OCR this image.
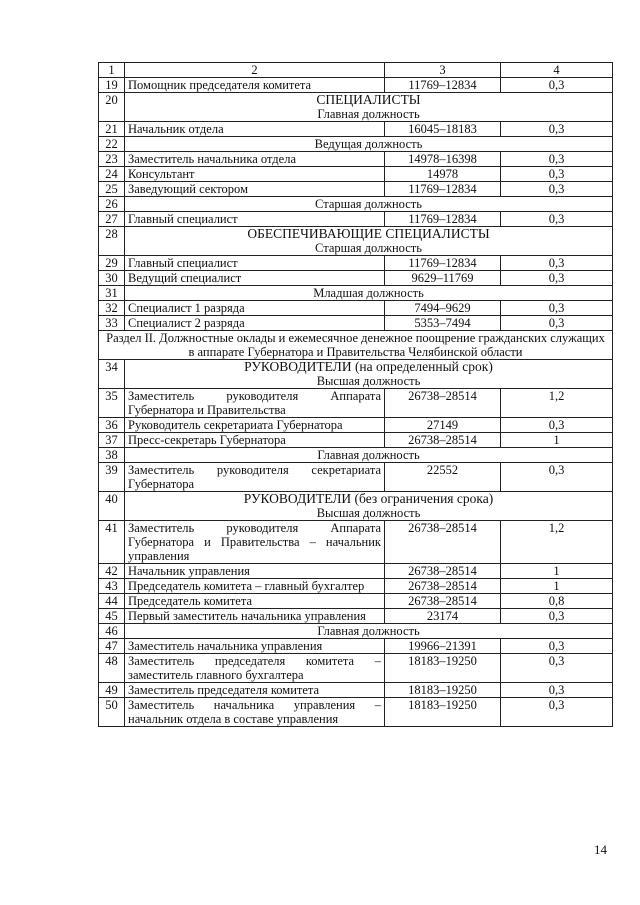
1	2	3	4
19	Помощник председателя комитета	11769–12834	0,3
20	СПЕЦИАЛИСТЫ
Главная должность		

21	Начальник отдела	16045–18183	0,3
22	Ведущая должность		

23	Заместитель начальника отдела	14978–16398	0,3
24	Консультант	14978	0,3
25	Заведующий сектором	11769–12834	0,3
26	Старшая должность		

27	Главный специалист	11769–12834	0,3
28	ОБЕСПЕЧИВАЮЩИЕ СПЕЦИАЛИСТЫ
Старшая должность		

29	Главный специалист	11769–12834	0,3
30	Ведущий специалист	9629–11769	0,3
31	Младшая должность		

32	Специалист 1 разряда	7494–9629	0,3
33	Специалист 2 разряда	5353–7494	0,3
Раздел II. Должностные оклады и ежемесячное денежное поощрение гражданских служащих в аппарате Губернатора и Правительства Челябинской области			
34	РУКОВОДИТЕЛИ (на определенный срок)
Высшая должность		

35	Заместитель руководителя Аппарата Губернатора и Правительства	26738–28514	1,2
36	Руководитель секретариата Губернатора	27149	0,3
37	Пресс-секретарь Губернатора	26738–28514	1
38	Главная должность		

39	Заместитель руководителя секретариата Губернатора	22552	0,3
40	РУКОВОДИТЕЛИ (без ограничения срока)
Высшая должность		

41	Заместитель руководителя Аппарата Губернатора и Правительства – начальник управления	26738–28514	1,2
42	Начальник управления	26738–28514	1
43	Председатель комитета – главный бухгалтер	26738–28514	1
44	Председатель комитета	26738–28514	0,8
45	Первый заместитель начальника управления	23174	0,3
46	Главная должность		

47	Заместитель начальника управления	19966–21391	0,3
48	Заместитель председателя комитета – заместитель главного бухгалтера	18183–19250	0,3
49	Заместитель председателя комитета	18183–19250	0,3
50	Заместитель начальника управления – начальник отдела в составе управления	18183–19250	0,3
14
